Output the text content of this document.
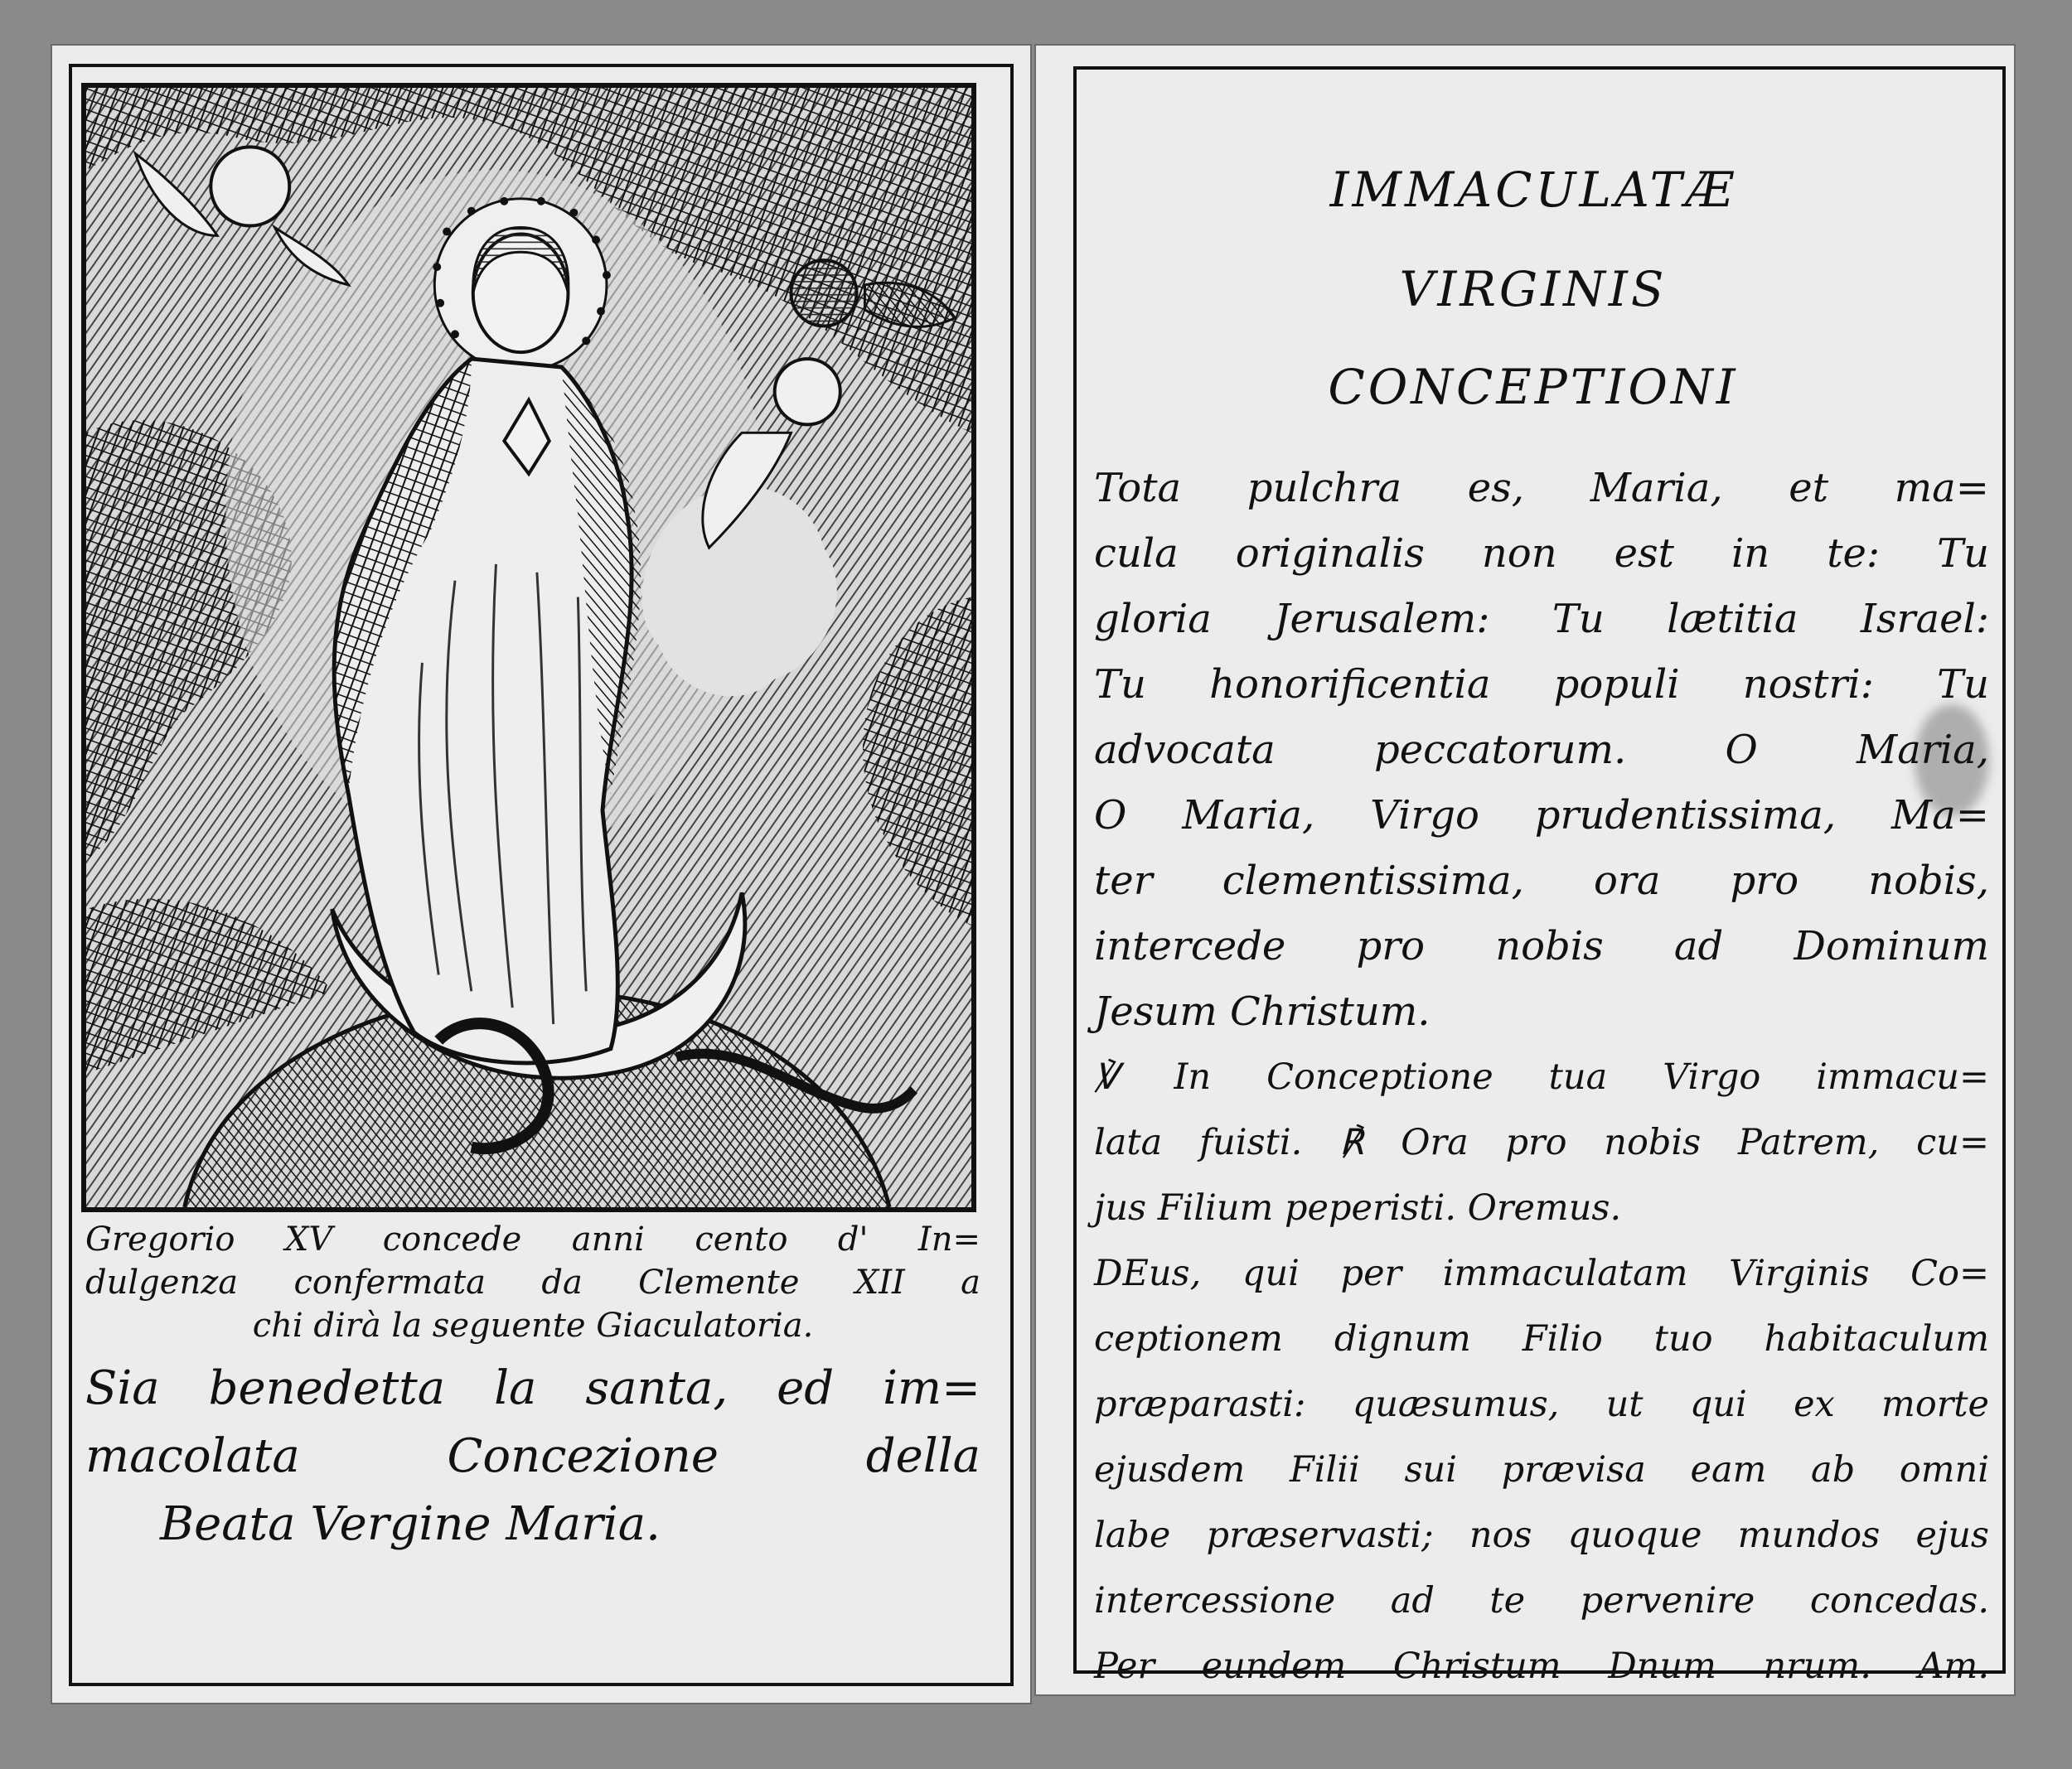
Gregorio XV concede anni cento d' In=
dulgenza confermata da Clemente XII a
chi dirà la seguente Giaculatoria.
Sia benedetta la santa, ed im=
macolata Concezione della
Beata Vergine Maria.
IMMACULATÆ
VIRGINIS
CONCEPTIONI
Tota pulchra es, Maria, et ma=
cula originalis non est in te: Tu
gloria Jerusalem: Tu lætitia Israel:
Tu honorificentia populi nostri: Tu
advocata peccatorum. O Maria,
O Maria, Virgo prudentissima, Ma=
ter clementissima, ora pro nobis,
intercede pro nobis ad Dominum
Jesum Christum.
℣ In Conceptione tua Virgo immacu=
lata fuisti. ℟ Ora pro nobis Patrem, cu=
jus Filium peperisti. Oremus.
DEus, qui per immaculatam Virginis Co=
ceptionem dignum Filio tuo habitaculum
præparasti: quæsumus, ut qui ex morte
ejusdem Filii sui prævisa eam ab omni
labe præservasti; nos quoque mundos ejus
intercessione ad te pervenire concedas.
Per eundem Christum Dnum nrum. Am.
